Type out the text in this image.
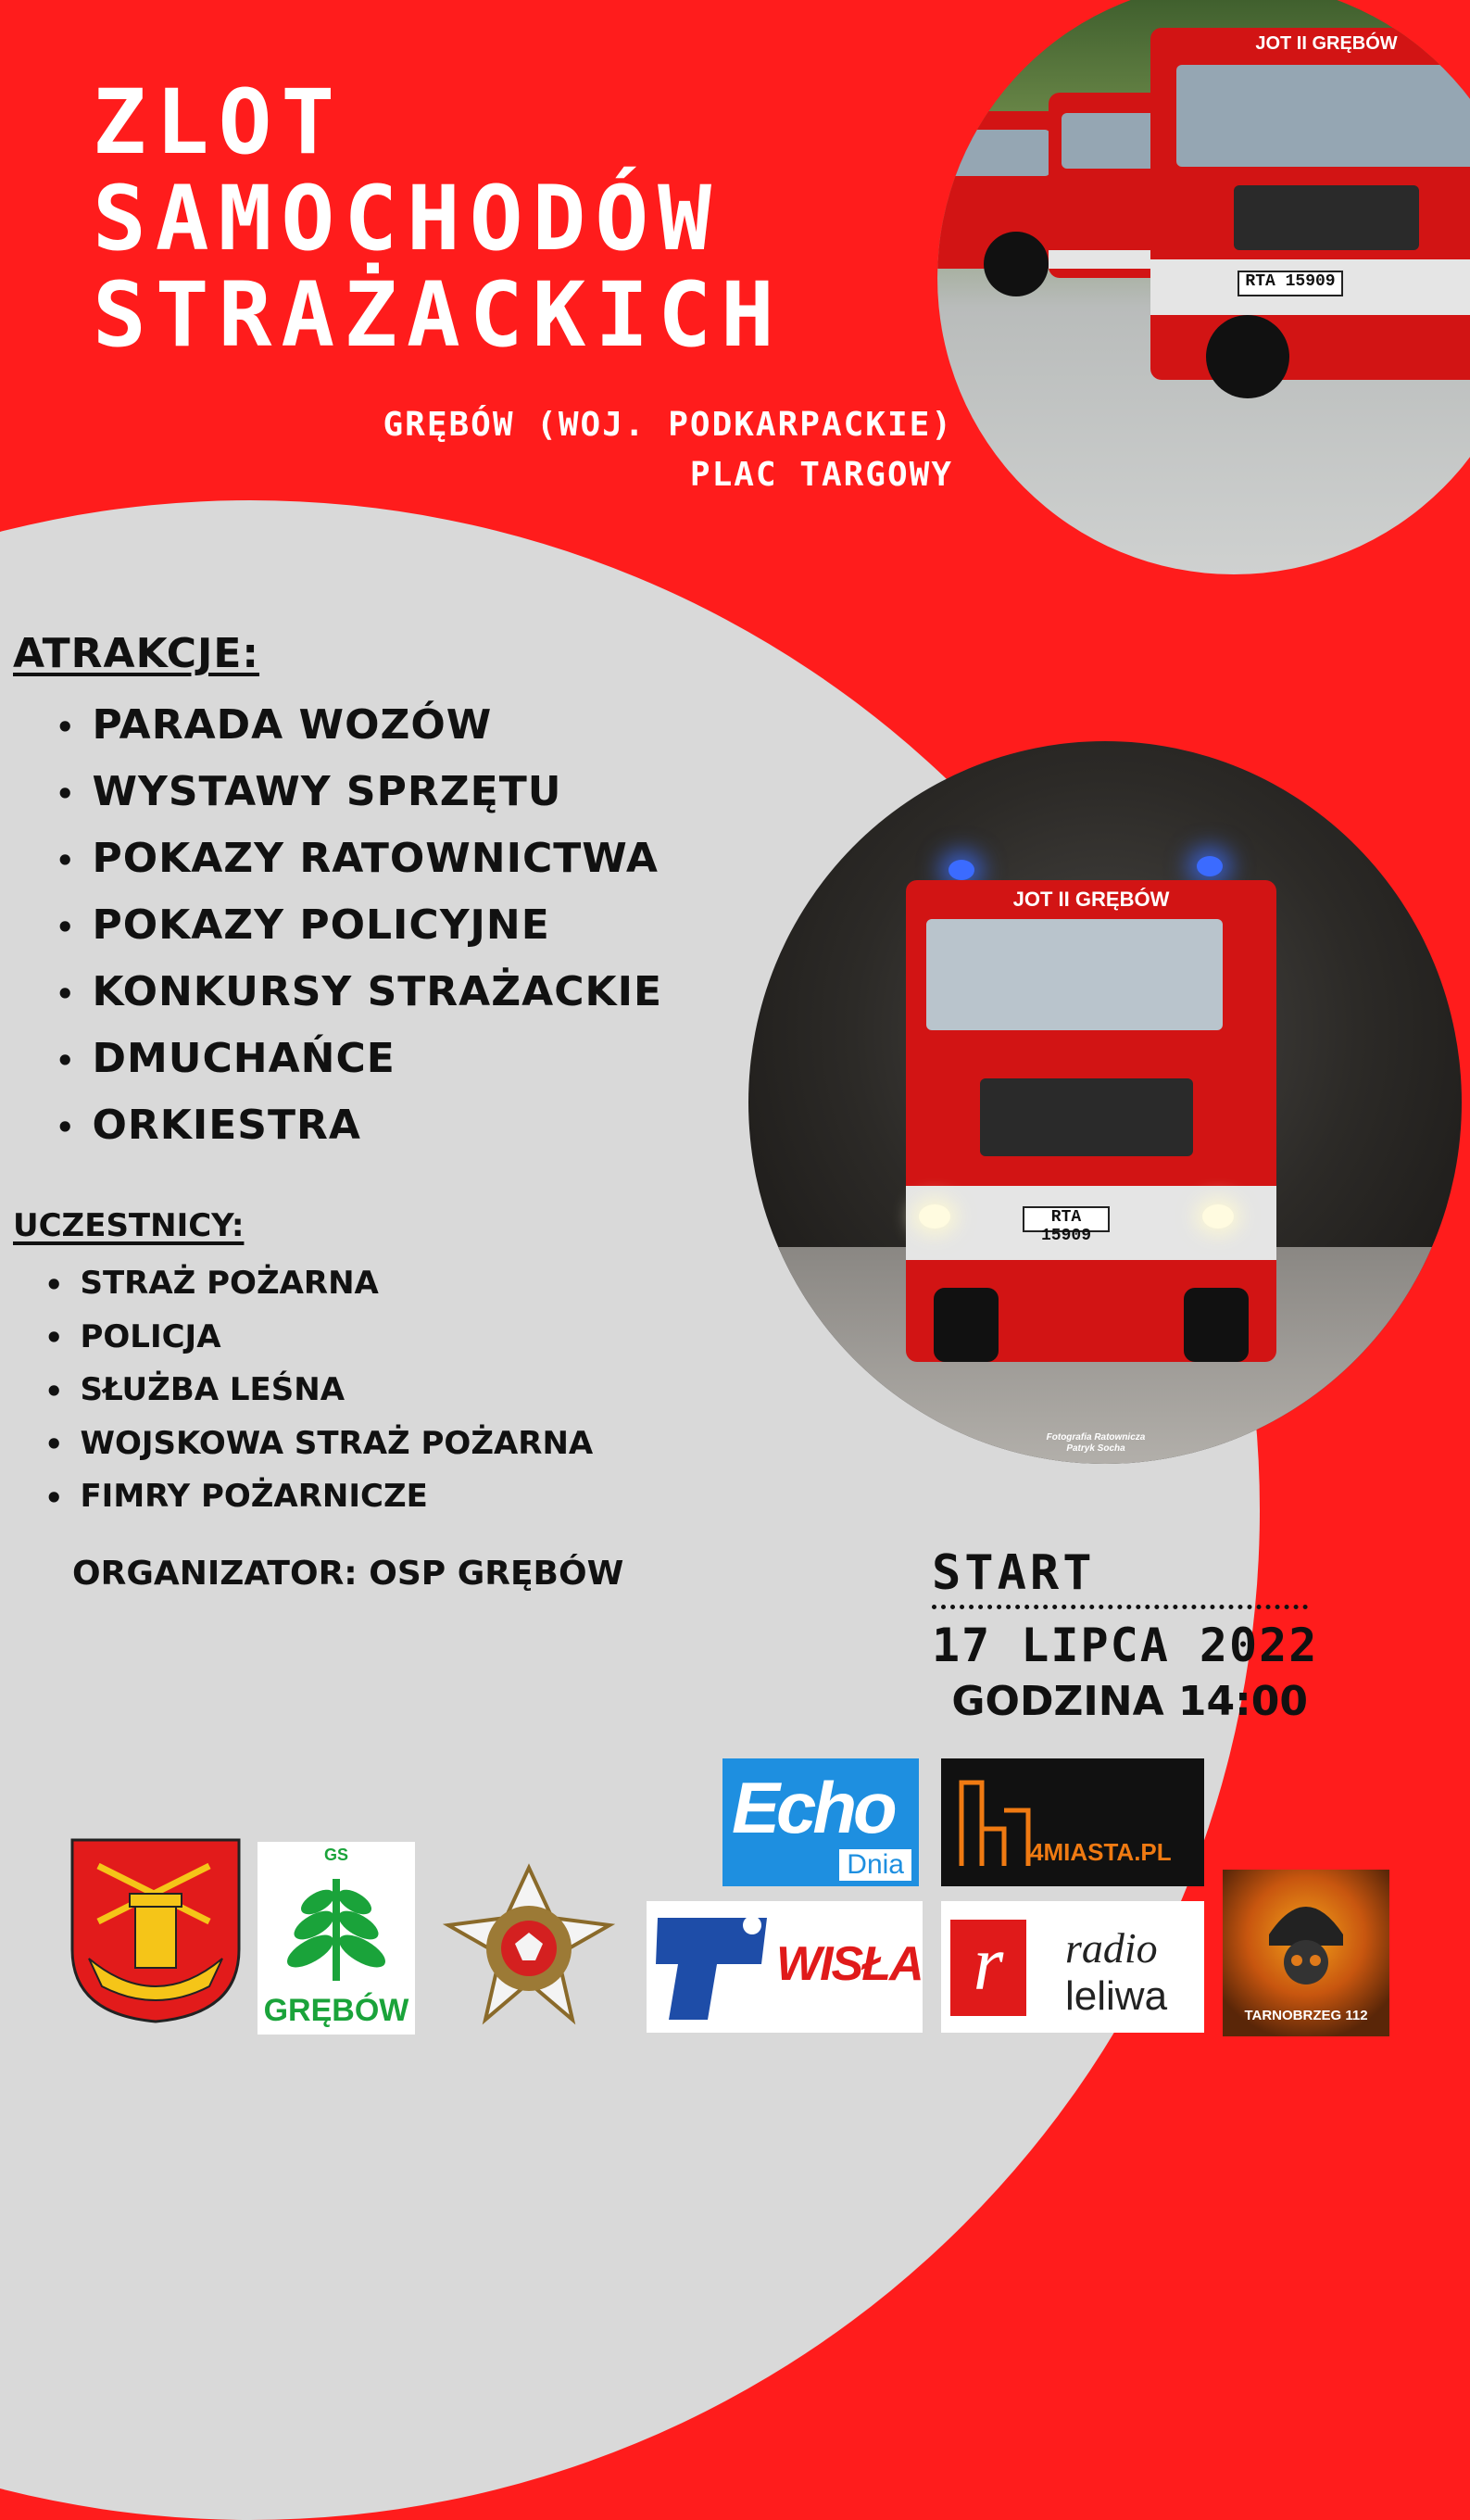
ZLOT
SAMOCHODÓW
STRAŻACKICH
GRĘBÓW (WOJ. PODKARPACKIE)
PLAC TARGOWY
JOT II GRĘBÓW
RTA 15909
JOT II GRĘBÓW
RTA 15909
Fotografia Ratownicza
Patryk Socha
ATRAKCJE:
• PARADA WOZÓW
• WYSTAWY SPRZĘTU
• POKAZY RATOWNICTWA
• POKAZY POLICYJNE
• KONKURSY STRAŻACKIE
• DMUCHAŃCE
• ORKIESTRA
UCZESTNICY:
• STRAŻ POŻARNA
• POLICJA
• SŁUŻBA LEŚNA
• WOJSKOWA STRAŻ POŻARNA
• FIMRY POŻARNICZE
ORGANIZATOR: OSP GRĘBÓW	START
17 LIPCA 2022
GODZINA 14:00
GS
GRĘBÓW
Echo
Dnia	4MIASTA.PL
WISŁA r	radio
leliwa	TARNOBRZEG 112
